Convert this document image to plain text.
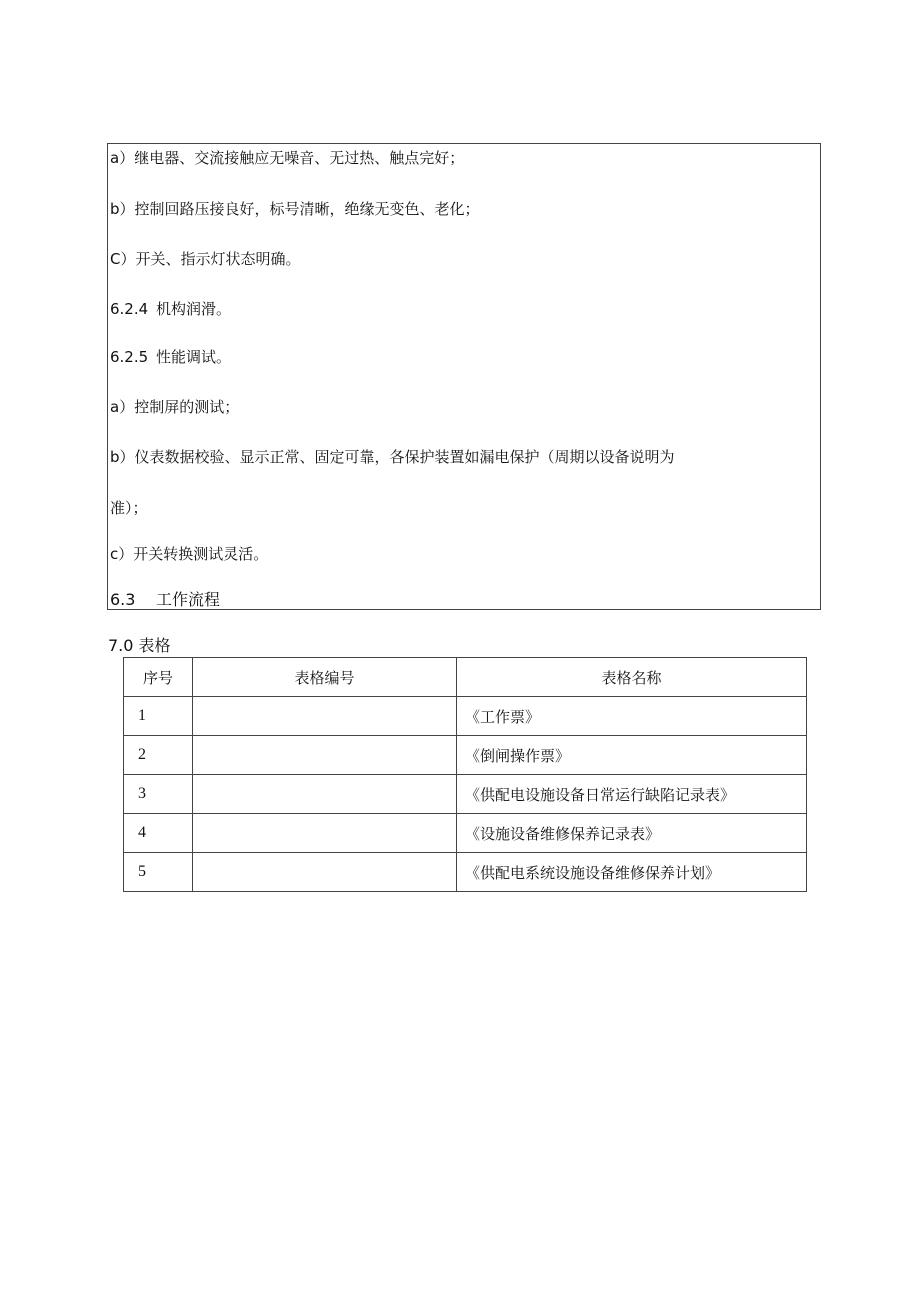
a）继电器、交流接触应无噪音、无过热、触点完好；
b）控制回路压接良好，标号清晰，绝缘无变色、老化；
C）开关、指示灯状态明确。
6.2.4 机构润滑。
6.2.5 性能调试。
a）控制屏的测试；
b）仪表数据校验、显示正常、固定可靠，各保护装置如漏电保护（周期以设备说明为
准）；
c）开关转换测试灵活。
6.3 工作流程
7.0 表格
序号	表格编号	表格名称
1		《工作票》
2		《倒闸操作票》
3		《供配电设施设备日常运行缺陷记录表》
4		《设施设备维修保养记录表》
5		《供配电系统设施设备维修保养计划》
